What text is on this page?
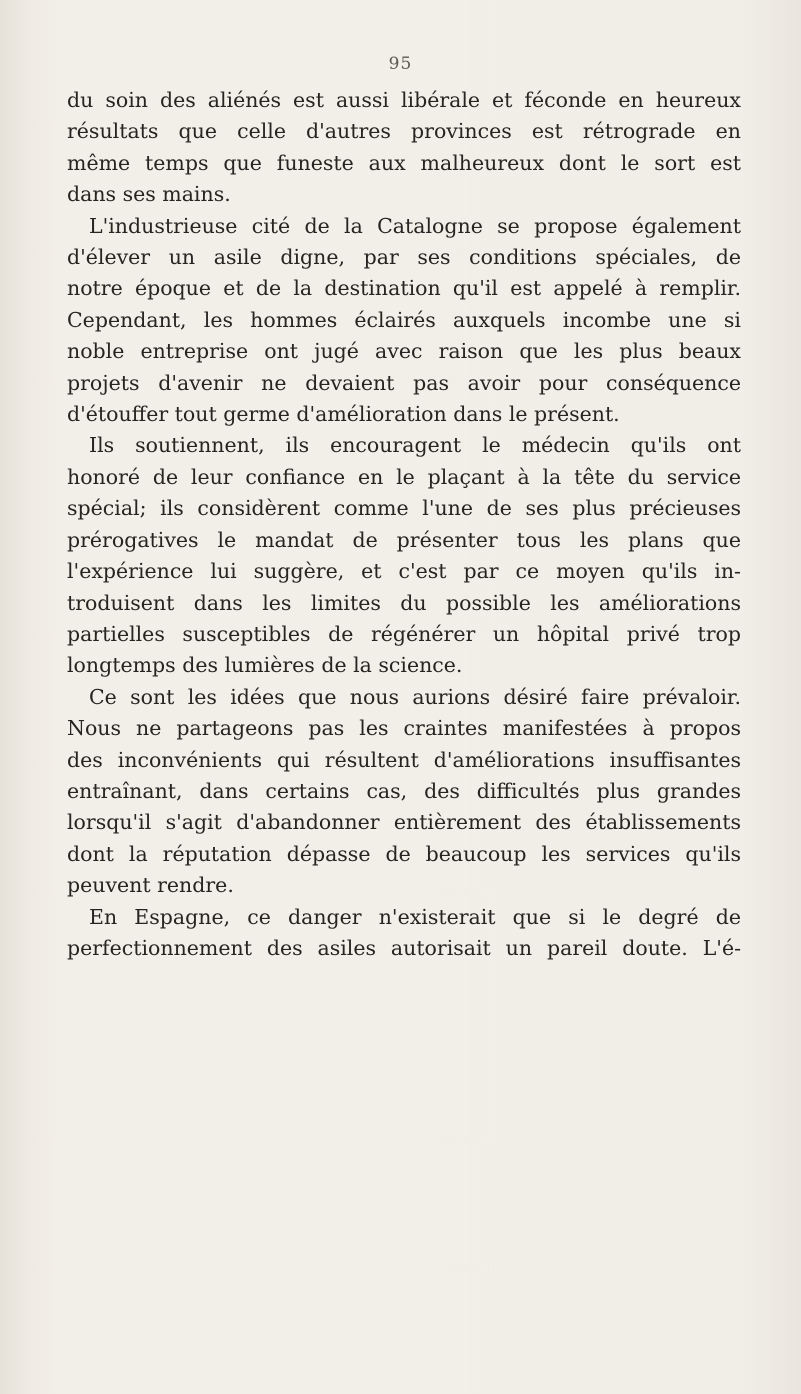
95
du soin des aliénés est aussi libérale et féconde en heureux
résultats que celle d'autres provinces est rétrograde en
même temps que funeste aux malheureux dont le sort est
dans ses mains.
L'industrieuse cité de la Catalogne se propose également
d'élever un asile digne, par ses conditions spéciales, de
notre époque et de la destination qu'il est appelé à remplir.
Cependant, les hommes éclairés auxquels incombe une si
noble entreprise ont jugé avec raison que les plus beaux
projets d'avenir ne devaient pas avoir pour conséquence
d'étouffer tout germe d'amélioration dans le présent.
Ils soutiennent, ils encouragent le médecin qu'ils ont
honoré de leur confiance en le plaçant à la tête du service
spécial; ils considèrent comme l'une de ses plus précieuses
prérogatives le mandat de présenter tous les plans que
l'expérience lui suggère, et c'est par ce moyen qu'ils in-
troduisent dans les limites du possible les améliorations
partielles susceptibles de régénérer un hôpital privé trop
longtemps des lumières de la science.
Ce sont les idées que nous aurions désiré faire prévaloir.
Nous ne partageons pas les craintes manifestées à propos
des inconvénients qui résultent d'améliorations insuffisantes
entraînant, dans certains cas, des difficultés plus grandes
lorsqu'il s'agit d'abandonner entièrement des établissements
dont la réputation dépasse de beaucoup les services qu'ils
peuvent rendre.
En Espagne, ce danger n'existerait que si le degré de
perfectionnement des asiles autorisait un pareil doute. L'é-
